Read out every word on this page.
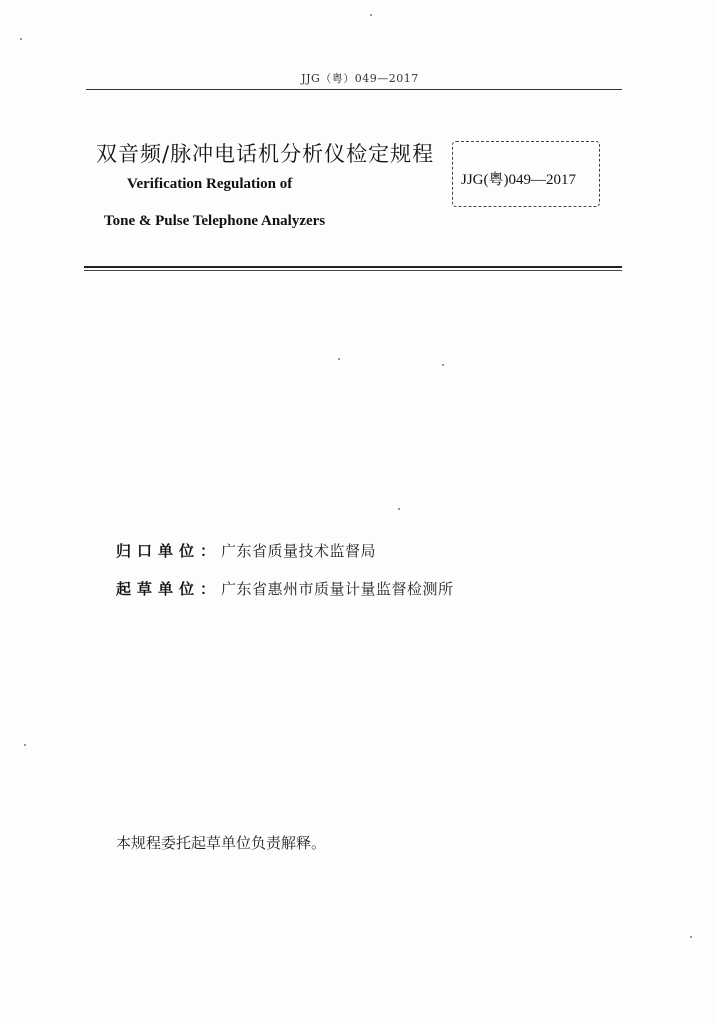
JJG（粤）049—2017
双音频/脉冲电话机分析仪检定规程
Verification Regulation of
Tone & Pulse Telephone Analyzers
JJG(粤)049—2017
归口单位：广东省质量技术监督局
起草单位：广东省惠州市质量计量监督检测所
本规程委托起草单位负责解释。
